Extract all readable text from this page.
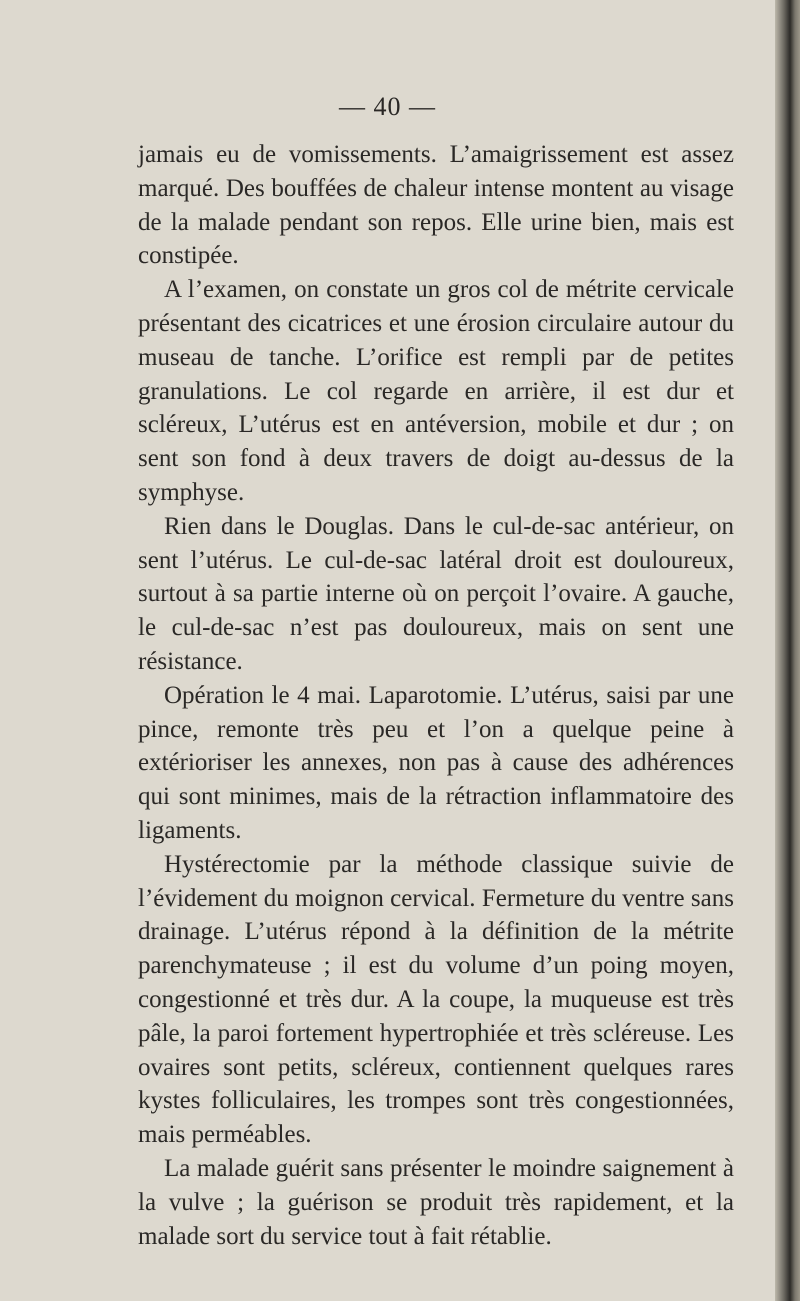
— 40 —

jamais eu de vomissements. L’amaigrissement est assez marqué. Des bouffées de chaleur intense montent au visage de la malade pendant son repos. Elle urine bien, mais est constipée.

A l’examen, on constate un gros col de métrite cervicale présentant des cicatrices et une érosion circulaire autour du museau de tanche. L’orifice est rempli par de petites granulations. Le col regarde en arrière, il est dur et scléreux, L’utérus est en antéversion, mobile et dur ; on sent son fond à deux travers de doigt au-dessus de la symphyse.

Rien dans le Douglas. Dans le cul-de-sac antérieur, on sent l’utérus. Le cul-de-sac latéral droit est douloureux, surtout à sa partie interne où on perçoit l’ovaire. A gauche, le cul-de-sac n’est pas douloureux, mais on sent une résistance.

Opération le 4 mai. Laparotomie. L’utérus, saisi par une pince, remonte très peu et l’on a quelque peine à extérioriser les annexes, non pas à cause des adhérences qui sont minimes, mais de la rétraction inflammatoire des ligaments.

Hystérectomie par la méthode classique suivie de l’évidement du moignon cervical. Fermeture du ventre sans drainage. L’utérus répond à la définition de la métrite parenchymateuse ; il est du volume d’un poing moyen, congestionné et très dur. A la coupe, la muqueuse est très pâle, la paroi fortement hypertrophiée et très scléreuse. Les ovaires sont petits, scléreux, contiennent quelques rares kystes folliculaires, les trompes sont très congestionnées, mais perméables.

La malade guérit sans présenter le moindre saignement à la vulve ; la guérison se produit très rapidement, et la malade sort du service tout à fait rétablie.
